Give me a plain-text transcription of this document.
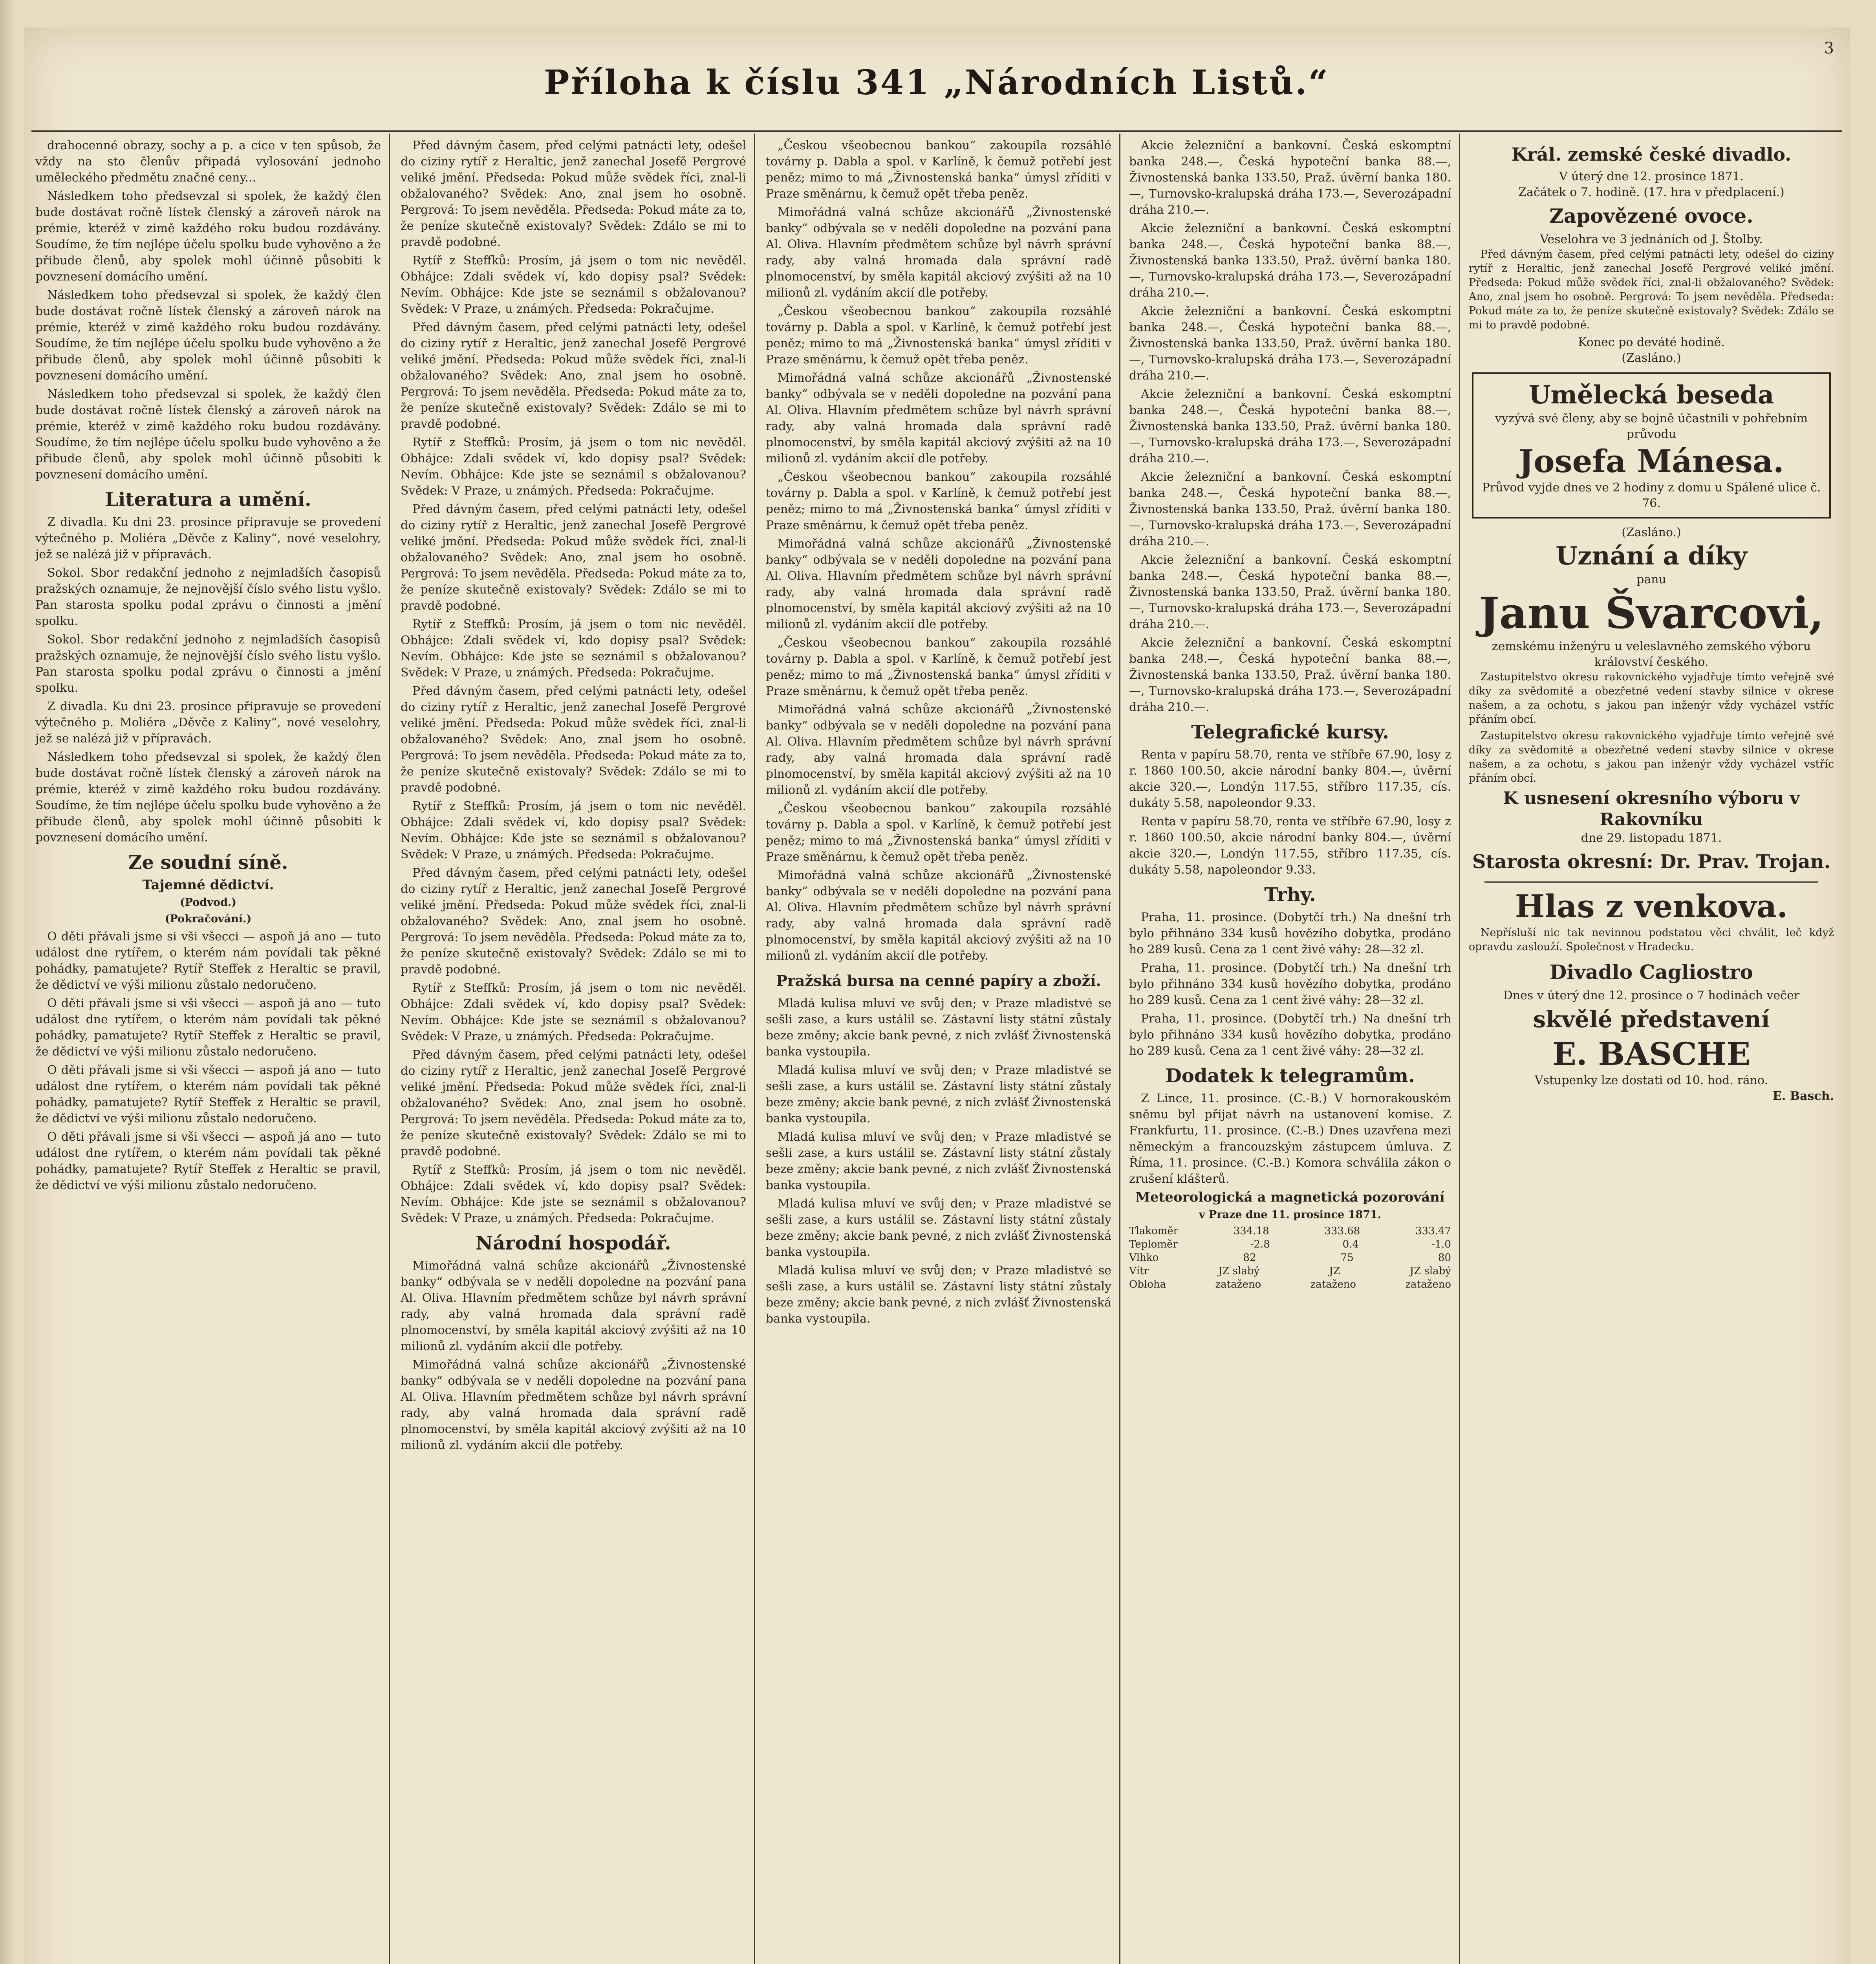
3
Příloha k číslu 341 „Národních Listů.“

drahocenné obrazy, sochy a p. a cice v ten spůsob, že vždy na sto členův připadá vylosování jednoho uměleckého předmětu značné ceny...

Následkem toho předsevzal si spolek, že každý člen bude dostávat ročně lístek členský a zároveň nárok na prémie, kteréž v zimě každého roku budou rozdávány. Soudíme, že tím nejlépe účelu spolku bude vyhověno a že přibude členů, aby spolek mohl účinně působiti k povznesení domácího umění.

Následkem toho předsevzal si spolek, že každý člen bude dostávat ročně lístek členský a zároveň nárok na prémie, kteréž v zimě každého roku budou rozdávány. Soudíme, že tím nejlépe účelu spolku bude vyhověno a že přibude členů, aby spolek mohl účinně působiti k povznesení domácího umění.

Následkem toho předsevzal si spolek, že každý člen bude dostávat ročně lístek členský a zároveň nárok na prémie, kteréž v zimě každého roku budou rozdávány. Soudíme, že tím nejlépe účelu spolku bude vyhověno a že přibude členů, aby spolek mohl účinně působiti k povznesení domácího umění.

Literatura a umění.

Z divadla. Ku dni 23. prosince připravuje se provedení výtečného p. Moliéra „Děvče z Kaliny“, nové veselohry, jež se nalézá již v přípravách.

Sokol. Sbor redakční jednoho z nejmladších časopisů pražských oznamuje, že nejnovější číslo svého listu vyšlo. Pan starosta spolku podal zprávu o činnosti a jmění spolku.

Sokol. Sbor redakční jednoho z nejmladších časopisů pražských oznamuje, že nejnovější číslo svého listu vyšlo. Pan starosta spolku podal zprávu o činnosti a jmění spolku.

Z divadla. Ku dni 23. prosince připravuje se provedení výtečného p. Moliéra „Děvče z Kaliny“, nové veselohry, jež se nalézá již v přípravách.

Následkem toho předsevzal si spolek, že každý člen bude dostávat ročně lístek členský a zároveň nárok na prémie, kteréž v zimě každého roku budou rozdávány. Soudíme, že tím nejlépe účelu spolku bude vyhověno a že přibude členů, aby spolek mohl účinně působiti k povznesení domácího umění.

Ze soudní síně.
Tajemné dědictví.
(Podvod.)
(Pokračování.)

O děti přávali jsme si vši všecci — aspoň já ano — tuto událost dne rytířem, o kterém nám povídali tak pěkné pohádky, pamatujete? Rytíř Steffek z Heraltic se pravil, že dědictví ve výši milionu zůstalo nedoručeno.

O děti přávali jsme si vši všecci — aspoň já ano — tuto událost dne rytířem, o kterém nám povídali tak pěkné pohádky, pamatujete? Rytíř Steffek z Heraltic se pravil, že dědictví ve výši milionu zůstalo nedoručeno.

O děti přávali jsme si vši všecci — aspoň já ano — tuto událost dne rytířem, o kterém nám povídali tak pěkné pohádky, pamatujete? Rytíř Steffek z Heraltic se pravil, že dědictví ve výši milionu zůstalo nedoručeno.

O děti přávali jsme si vši všecci — aspoň já ano — tuto událost dne rytířem, o kterém nám povídali tak pěkné pohádky, pamatujete? Rytíř Steffek z Heraltic se pravil, že dědictví ve výši milionu zůstalo nedoručeno.

Před dávným časem, před celými patnácti lety, odešel do ciziny rytíř z Heraltic, jenž zanechal Josefě Pergrové veliké jmění. Předseda: Pokud může svědek říci, znal-li obžalovaného? Svědek: Ano, znal jsem ho osobně. Pergrová: To jsem nevěděla. Předseda: Pokud máte za to, že peníze skutečně existovaly? Svědek: Zdálo se mi to pravdě podobné.

Rytíř z Steffků: Prosím, já jsem o tom nic nevěděl. Obhájce: Zdali svědek ví, kdo dopisy psal? Svědek: Nevím. Obhájce: Kde jste se seznámil s obžalovanou? Svědek: V Praze, u známých. Předseda: Pokračujme.

Před dávným časem, před celými patnácti lety, odešel do ciziny rytíř z Heraltic, jenž zanechal Josefě Pergrové veliké jmění. Předseda: Pokud může svědek říci, znal-li obžalovaného? Svědek: Ano, znal jsem ho osobně. Pergrová: To jsem nevěděla. Předseda: Pokud máte za to, že peníze skutečně existovaly? Svědek: Zdálo se mi to pravdě podobné.

Rytíř z Steffků: Prosím, já jsem o tom nic nevěděl. Obhájce: Zdali svědek ví, kdo dopisy psal? Svědek: Nevím. Obhájce: Kde jste se seznámil s obžalovanou? Svědek: V Praze, u známých. Předseda: Pokračujme.

Před dávným časem, před celými patnácti lety, odešel do ciziny rytíř z Heraltic, jenž zanechal Josefě Pergrové veliké jmění. Předseda: Pokud může svědek říci, znal-li obžalovaného? Svědek: Ano, znal jsem ho osobně. Pergrová: To jsem nevěděla. Předseda: Pokud máte za to, že peníze skutečně existovaly? Svědek: Zdálo se mi to pravdě podobné.

Rytíř z Steffků: Prosím, já jsem o tom nic nevěděl. Obhájce: Zdali svědek ví, kdo dopisy psal? Svědek: Nevím. Obhájce: Kde jste se seznámil s obžalovanou? Svědek: V Praze, u známých. Předseda: Pokračujme.

Před dávným časem, před celými patnácti lety, odešel do ciziny rytíř z Heraltic, jenž zanechal Josefě Pergrové veliké jmění. Předseda: Pokud může svědek říci, znal-li obžalovaného? Svědek: Ano, znal jsem ho osobně. Pergrová: To jsem nevěděla. Předseda: Pokud máte za to, že peníze skutečně existovaly? Svědek: Zdálo se mi to pravdě podobné.

Rytíř z Steffků: Prosím, já jsem o tom nic nevěděl. Obhájce: Zdali svědek ví, kdo dopisy psal? Svědek: Nevím. Obhájce: Kde jste se seznámil s obžalovanou? Svědek: V Praze, u známých. Předseda: Pokračujme.

Před dávným časem, před celými patnácti lety, odešel do ciziny rytíř z Heraltic, jenž zanechal Josefě Pergrové veliké jmění. Předseda: Pokud může svědek říci, znal-li obžalovaného? Svědek: Ano, znal jsem ho osobně. Pergrová: To jsem nevěděla. Předseda: Pokud máte za to, že peníze skutečně existovaly? Svědek: Zdálo se mi to pravdě podobné.

Rytíř z Steffků: Prosím, já jsem o tom nic nevěděl. Obhájce: Zdali svědek ví, kdo dopisy psal? Svědek: Nevím. Obhájce: Kde jste se seznámil s obžalovanou? Svědek: V Praze, u známých. Předseda: Pokračujme.

Před dávným časem, před celými patnácti lety, odešel do ciziny rytíř z Heraltic, jenž zanechal Josefě Pergrové veliké jmění. Předseda: Pokud může svědek říci, znal-li obžalovaného? Svědek: Ano, znal jsem ho osobně. Pergrová: To jsem nevěděla. Předseda: Pokud máte za to, že peníze skutečně existovaly? Svědek: Zdálo se mi to pravdě podobné.

Rytíř z Steffků: Prosím, já jsem o tom nic nevěděl. Obhájce: Zdali svědek ví, kdo dopisy psal? Svědek: Nevím. Obhájce: Kde jste se seznámil s obžalovanou? Svědek: V Praze, u známých. Předseda: Pokračujme.

Národní hospodář.

Mimořádná valná schůze akcionářů „Živnostenské banky“ odbývala se v neděli dopoledne na pozvání pana Al. Oliva. Hlavním předmětem schůze byl návrh správní rady, aby valná hromada dala správní radě plnomocenství, by směla kapitál akciový zvýšiti až na 10 milionů zl. vydáním akcií dle potřeby.

Mimořádná valná schůze akcionářů „Živnostenské banky“ odbývala se v neděli dopoledne na pozvání pana Al. Oliva. Hlavním předmětem schůze byl návrh správní rady, aby valná hromada dala správní radě plnomocenství, by směla kapitál akciový zvýšiti až na 10 milionů zl. vydáním akcií dle potřeby.

„Českou všeobecnou bankou“ zakoupila rozsáhlé továrny p. Dabla a spol. v Karlíně, k čemuž potřebí jest peněz; mimo to má „Živnostenská banka“ úmysl zříditi v Praze směnárnu, k čemuž opět třeba peněz.

Mimořádná valná schůze akcionářů „Živnostenské banky“ odbývala se v neděli dopoledne na pozvání pana Al. Oliva. Hlavním předmětem schůze byl návrh správní rady, aby valná hromada dala správní radě plnomocenství, by směla kapitál akciový zvýšiti až na 10 milionů zl. vydáním akcií dle potřeby.

„Českou všeobecnou bankou“ zakoupila rozsáhlé továrny p. Dabla a spol. v Karlíně, k čemuž potřebí jest peněz; mimo to má „Živnostenská banka“ úmysl zříditi v Praze směnárnu, k čemuž opět třeba peněz.

Mimořádná valná schůze akcionářů „Živnostenské banky“ odbývala se v neděli dopoledne na pozvání pana Al. Oliva. Hlavním předmětem schůze byl návrh správní rady, aby valná hromada dala správní radě plnomocenství, by směla kapitál akciový zvýšiti až na 10 milionů zl. vydáním akcií dle potřeby.

„Českou všeobecnou bankou“ zakoupila rozsáhlé továrny p. Dabla a spol. v Karlíně, k čemuž potřebí jest peněz; mimo to má „Živnostenská banka“ úmysl zříditi v Praze směnárnu, k čemuž opět třeba peněz.

Mimořádná valná schůze akcionářů „Živnostenské banky“ odbývala se v neděli dopoledne na pozvání pana Al. Oliva. Hlavním předmětem schůze byl návrh správní rady, aby valná hromada dala správní radě plnomocenství, by směla kapitál akciový zvýšiti až na 10 milionů zl. vydáním akcií dle potřeby.

„Českou všeobecnou bankou“ zakoupila rozsáhlé továrny p. Dabla a spol. v Karlíně, k čemuž potřebí jest peněz; mimo to má „Živnostenská banka“ úmysl zříditi v Praze směnárnu, k čemuž opět třeba peněz.

Mimořádná valná schůze akcionářů „Živnostenské banky“ odbývala se v neděli dopoledne na pozvání pana Al. Oliva. Hlavním předmětem schůze byl návrh správní rady, aby valná hromada dala správní radě plnomocenství, by směla kapitál akciový zvýšiti až na 10 milionů zl. vydáním akcií dle potřeby.

„Českou všeobecnou bankou“ zakoupila rozsáhlé továrny p. Dabla a spol. v Karlíně, k čemuž potřebí jest peněz; mimo to má „Živnostenská banka“ úmysl zříditi v Praze směnárnu, k čemuž opět třeba peněz.

Mimořádná valná schůze akcionářů „Živnostenské banky“ odbývala se v neděli dopoledne na pozvání pana Al. Oliva. Hlavním předmětem schůze byl návrh správní rady, aby valná hromada dala správní radě plnomocenství, by směla kapitál akciový zvýšiti až na 10 milionů zl. vydáním akcií dle potřeby.

Pražská bursa na cenné papíry a zboží.

Mladá kulisa mluví ve svůj den; v Praze mladistvé se sešli zase, a kurs ustálil se. Zástavní listy státní zůstaly beze změny; akcie bank pevné, z nich zvlášť Živnostenská banka vystoupila.

Mladá kulisa mluví ve svůj den; v Praze mladistvé se sešli zase, a kurs ustálil se. Zástavní listy státní zůstaly beze změny; akcie bank pevné, z nich zvlášť Živnostenská banka vystoupila.

Mladá kulisa mluví ve svůj den; v Praze mladistvé se sešli zase, a kurs ustálil se. Zástavní listy státní zůstaly beze změny; akcie bank pevné, z nich zvlášť Živnostenská banka vystoupila.

Mladá kulisa mluví ve svůj den; v Praze mladistvé se sešli zase, a kurs ustálil se. Zástavní listy státní zůstaly beze změny; akcie bank pevné, z nich zvlášť Živnostenská banka vystoupila.

Mladá kulisa mluví ve svůj den; v Praze mladistvé se sešli zase, a kurs ustálil se. Zástavní listy státní zůstaly beze změny; akcie bank pevné, z nich zvlášť Živnostenská banka vystoupila.

Akcie železniční a bankovní. Česká eskomptní banka 248.—, Česká hypoteční banka 88.—, Živnostenská banka 133.50, Praž. úvěrní banka 180.—, Turnovsko-kralupská dráha 173.—, Severozápadní dráha 210.—.

Akcie železniční a bankovní. Česká eskomptní banka 248.—, Česká hypoteční banka 88.—, Živnostenská banka 133.50, Praž. úvěrní banka 180.—, Turnovsko-kralupská dráha 173.—, Severozápadní dráha 210.—.

Akcie železniční a bankovní. Česká eskomptní banka 248.—, Česká hypoteční banka 88.—, Živnostenská banka 133.50, Praž. úvěrní banka 180.—, Turnovsko-kralupská dráha 173.—, Severozápadní dráha 210.—.

Akcie železniční a bankovní. Česká eskomptní banka 248.—, Česká hypoteční banka 88.—, Živnostenská banka 133.50, Praž. úvěrní banka 180.—, Turnovsko-kralupská dráha 173.—, Severozápadní dráha 210.—.

Akcie železniční a bankovní. Česká eskomptní banka 248.—, Česká hypoteční banka 88.—, Živnostenská banka 133.50, Praž. úvěrní banka 180.—, Turnovsko-kralupská dráha 173.—, Severozápadní dráha 210.—.

Akcie železniční a bankovní. Česká eskomptní banka 248.—, Česká hypoteční banka 88.—, Živnostenská banka 133.50, Praž. úvěrní banka 180.—, Turnovsko-kralupská dráha 173.—, Severozápadní dráha 210.—.

Akcie železniční a bankovní. Česká eskomptní banka 248.—, Česká hypoteční banka 88.—, Živnostenská banka 133.50, Praž. úvěrní banka 180.—, Turnovsko-kralupská dráha 173.—, Severozápadní dráha 210.—.

Telegrafické kursy.

Renta v papíru 58.70, renta ve stříbře 67.90, losy z r. 1860 100.50, akcie národní banky 804.—, úvěrní akcie 320.—, Londýn 117.55, stříbro 117.35, cís. dukáty 5.58, napoleondor 9.33.

Renta v papíru 58.70, renta ve stříbře 67.90, losy z r. 1860 100.50, akcie národní banky 804.—, úvěrní akcie 320.—, Londýn 117.55, stříbro 117.35, cís. dukáty 5.58, napoleondor 9.33.

Trhy.

Praha, 11. prosince. (Dobytčí trh.) Na dnešní trh bylo přihnáno 334 kusů hovězího dobytka, prodáno ho 289 kusů. Cena za 1 cent živé váhy: 28—32 zl.

Praha, 11. prosince. (Dobytčí trh.) Na dnešní trh bylo přihnáno 334 kusů hovězího dobytka, prodáno ho 289 kusů. Cena za 1 cent živé váhy: 28—32 zl.

Praha, 11. prosince. (Dobytčí trh.) Na dnešní trh bylo přihnáno 334 kusů hovězího dobytka, prodáno ho 289 kusů. Cena za 1 cent živé váhy: 28—32 zl.

Dodatek k telegramům.

Z Lince, 11. prosince. (C.-B.) V hornorakouském sněmu byl přijat návrh na ustanovení komise. Z Frankfurtu, 11. prosince. (C.-B.) Dnes uzavřena mezi německým a francouzským zástupcem úmluva. Z Říma, 11. prosince. (C.-B.) Komora schválila zákon o zrušení klášterů.

Meteorologická a magnetická pozorování
v Praze dne 11. prosince 1871.
Tlakoměr	334.18	333.68	333.47
Teploměr	-2.8	0.4	-1.0
Vlhko	82	75	80
Vítr	JZ slabý	JZ	JZ slabý
Obloha	zataženo	zataženo	zataženo
Král. zemské české divadlo.
V úterý dne 12. prosince 1871.
Začátek o 7. hodině. (17. hra v předplacení.)
Zapovězené ovoce.
Veselohra ve 3 jednáních od J. Štolby.

Před dávným časem, před celými patnácti lety, odešel do ciziny rytíř z Heraltic, jenž zanechal Josefě Pergrové veliké jmění. Předseda: Pokud může svědek říci, znal-li obžalovaného? Svědek: Ano, znal jsem ho osobně. Pergrová: To jsem nevěděla. Předseda: Pokud máte za to, že peníze skutečně existovaly? Svědek: Zdálo se mi to pravdě podobné.

Konec po deváté hodině.
(Zasláno.)
Umělecká beseda
vyzývá své členy, aby se bojně účastnili v pohřebním průvodu
Josefa Mánesa.
Průvod vyjde dnes ve 2 hodiny z domu u Spálené ulice č. 76.
(Zasláno.)
Uznání a díky
panu
Janu Švarcovi,
zemskému inženýru u veleslavného zemského výboru království českého.

Zastupitelstvo okresu rakovnického vyjadřuje tímto veřejně své díky za svědomité a obezřetné vedení stavby silnice v okrese našem, a za ochotu, s jakou pan inženýr vždy vycházel vstříc přáním obcí.

Zastupitelstvo okresu rakovnického vyjadřuje tímto veřejně své díky za svědomité a obezřetné vedení stavby silnice v okrese našem, a za ochotu, s jakou pan inženýr vždy vycházel vstříc přáním obcí.

K usnesení okresního výboru v Rakovníku
dne 29. listopadu 1871.
Starosta okresní: Dr. Prav. Trojan.
Hlas z venkova.

Nepřísluší nic tak nevinnou podstatou věci chválit, leč když opravdu zaslouží. Společnost v Hradecku.

Divadlo Cagliostro
Dnes v úterý dne 12. prosince o 7 hodinách večer
skvělé představení
E. BASCHE
Vstupenky lze dostati od 10. hod. ráno.
E. Basch.
